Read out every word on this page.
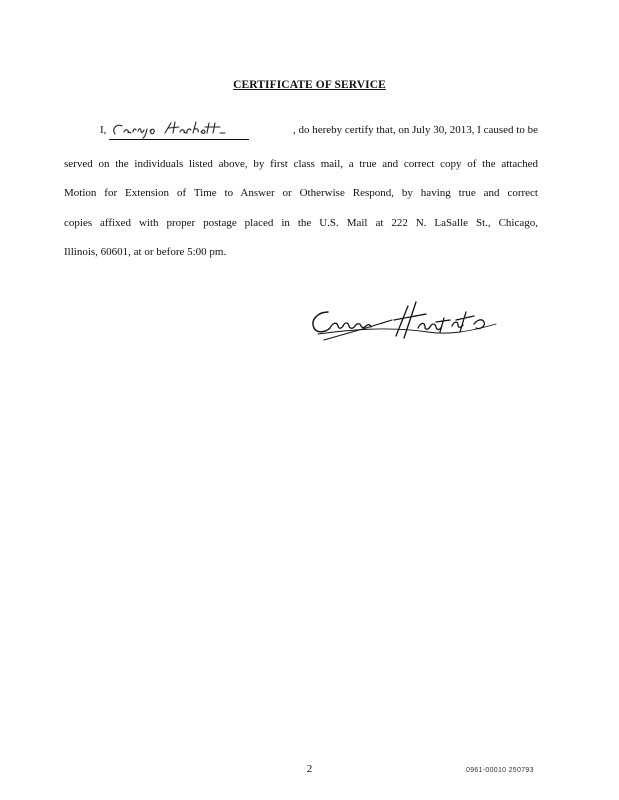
CERTIFICATE OF SERVICE
I,	, do hereby certify that, on July 30, 2013, I caused to be
served on the individuals listed above, by first class mail, a true and correct copy of the attached
Motion for Extension of Time to Answer or Otherwise Respond, by having true and correct
copies affixed with proper postage placed in the U.S. Mail at 222 N. LaSalle St., Chicago,
Illinois, 60601, at or before 5:00 pm.
2	0961-00010 250793
